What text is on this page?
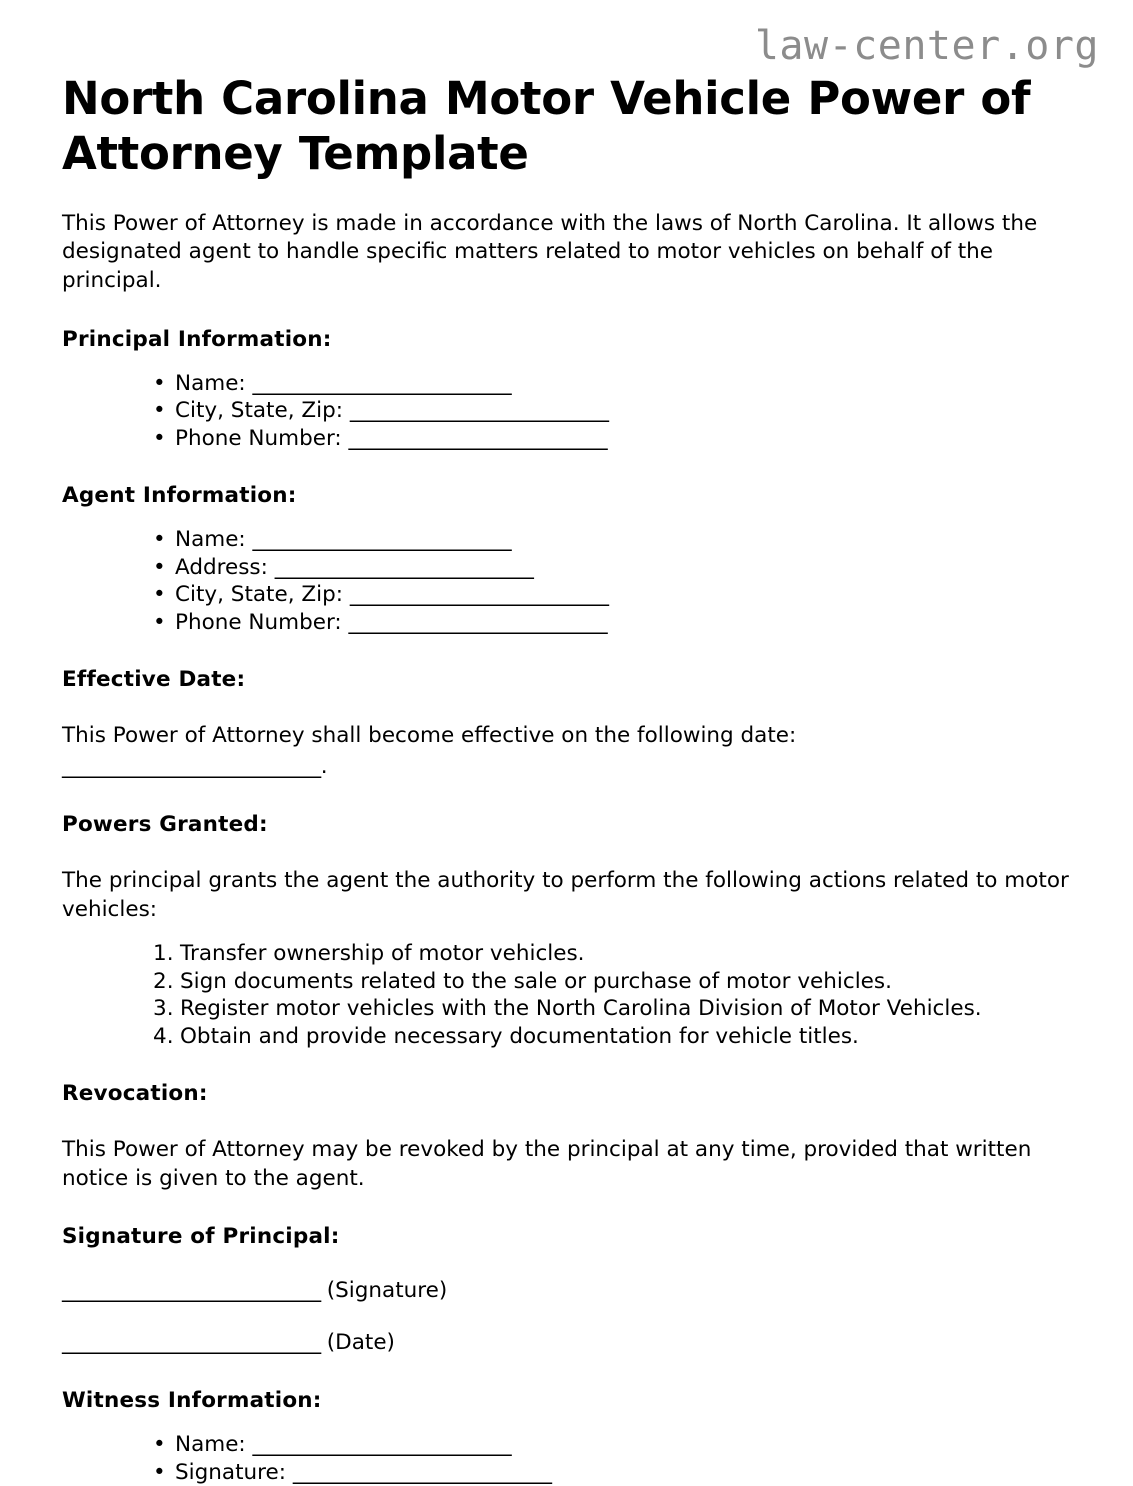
law-center.org
North Carolina Motor Vehicle Power of Attorney Template

This Power of Attorney is made in accordance with the laws of North Carolina. It allows the designated agent to handle specific matters related to motor vehicles on behalf of the principal.

Principal Information:
• Name: _________________________
• City, State, Zip: _________________________
• Phone Number: _________________________
Agent Information:
• Name: _________________________
• Address: _________________________
• City, State, Zip: _________________________
• Phone Number: _________________________
Effective Date:

This Power of Attorney shall become effective on the following date:

_________________________.

Powers Granted:

The principal grants the agent the authority to perform the following actions related to motor vehicles:

Transfer ownership of motor vehicles.
Sign documents related to the sale or purchase of motor vehicles.
Register motor vehicles with the North Carolina Division of Motor Vehicles.
Obtain and provide necessary documentation for vehicle titles.
Revocation:

This Power of Attorney may be revoked by the principal at any time, provided that written notice is given to the agent.

Signature of Principal:

_________________________ (Signature)

_________________________ (Date)

Witness Information:
• Name: _________________________
• Signature: _________________________
